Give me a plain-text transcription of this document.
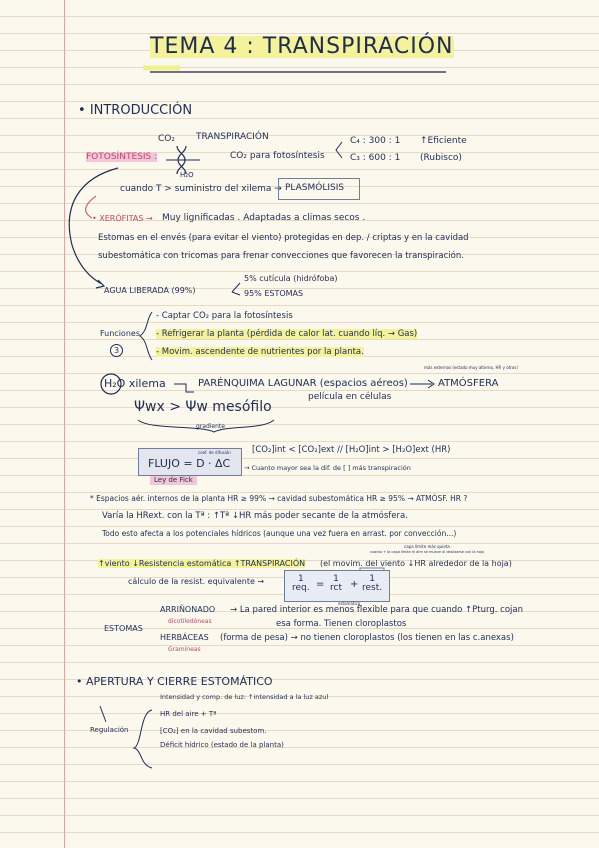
TEMA 4 : TRANSPIRACIÓN
• INTRODUCCIÓN
CO₂ TRANSPIRACIÓN
H₂O
FOTOSÍNTESIS :	CO₂ para fotosíntesis
C₄ : 300 : 1 ↑Eficiente
C₃ : 600 : 1 (Rubisco)
cuando T > suministro del xilema → PLASMÓLISIS
• XERÓFITAS → Muy lignificadas . Adaptadas a climas secos .
Estomas en el envés (para evitar el viento) protegidas en dep. / criptas y en la cavidad
subestomática con tricomas para frenar convecciones que favorecen la transpiración.
AGUA LIBERADA (99%)
5% cutícula (hidrófoba)
95% ESTOMAS
Funciones
3
- Captar CO₂ para la fotosíntesis
- Refrigerar la planta (pérdida de calor lat. cuando líq. → Gas)
- Movim. ascendente de nutrientes por la planta.
H₂O xilema	PARÉNQUIMA LAGUNAR (espacios aéreos)	ATMÓSFERA
más externos (estado muy alterno, HR y otros)
película en células
Ψwx > Ψw mesófilo
gradiente
[CO₂]int < [CO₂]ext // [H₂O]int > [H₂O]ext (HR)
FLUJO = D · ΔC
coef. de difusión
Ley de Fick
→ Cuanto mayor sea la dif. de [ ] más transpiración
* Espacios aér. internos de la planta HR ≥ 99% → cavidad subestomática HR ≥ 95% → ATMÓSF. HR ?
Varía la HRext. con la Tª : ↑Tª ↓HR más poder secante de la atmósfera.
Todo esto afecta a los potenciales hídricos (aunque una vez fuera en arrast. por convección...)
capa límite más quieta
cuanto + la capa límite el aire se mueve al deslizarse con la hoja
↑viento ↓Resistencia estomática ↑TRANSPIRACIÓN (el movim. del viento ↓HR alrededor de la hoja)
cálculo de la resist. equivalente →	1
req. = 1
rct +	1
rest.
estomática
ESTOMAS
ARRIÑONADO → La pared interior es menos flexible para que cuando ↑Pturg. cojan
esa forma. Tienen cloroplastos
dicotiledóneas
HERBÁCEAS (forma de pesa) → no tienen cloroplastos (los tienen en las c.anexas)
Gramíneas
• APERTURA Y CIERRE ESTOMÁTICO
Regulación
Intensidad y comp. de luz: ↑intensidad a la luz azul
HR del aire + Tª
[CO₂] en la cavidad subestom.
Déficit hídrico (estado de la planta)
